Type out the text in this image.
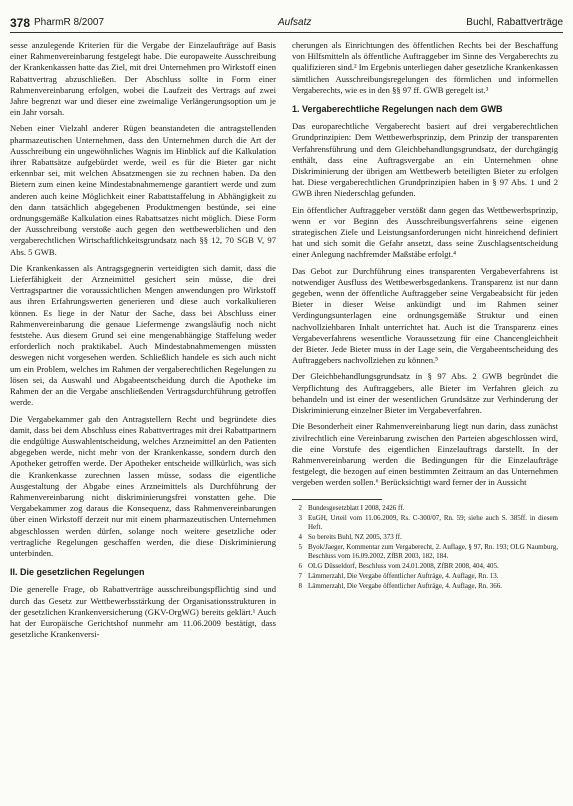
378 PharmR 8/2007	Aufsatz	Buchl, Rabattverträge

sesse anzulegende Kriterien für die Vergabe der Einzelaufträge auf Basis einer Rahmenvereinbarung festgelegt habe. Die europaweite Ausschreibung der Krankenkassen hatte das Ziel, mit drei Unternehmen pro Wirkstoff einen Rabattvertrag abzuschließen. Der Abschluss sollte in Form einer Rahmenvereinbarung erfolgen, wobei die Laufzeit des Vertrags auf zwei Jahre begrenzt war und dieser eine zweimalige Verlängerungsoption um je ein Jahr vorsah.

Neben einer Vielzahl anderer Rügen beanstandeten die antragstellenden pharmazeutischen Unternehmen, dass den Unternehmen durch die Art der Ausschreibung ein ungewöhnliches Wagnis im Hinblick auf die Kalkulation ihrer Rabattsätze aufgebürdet werde, weil es für die Bieter gar nicht erkennbar sei, mit welchen Absatzmengen sie zu rechnen haben. Da den Bietern zum einen keine Mindestabnahmemenge garantiert werde und zum anderen auch keine Möglichkeit einer Rabattstaffelung in Abhängigkeit zu den dann tatsächlich abgegebenen Produktmengen bestünde, sei eine ordnungsgemäße Kalkulation eines Rabattsatzes nicht möglich. Diese Form der Ausschreibung verstoße auch gegen den wettbewerblichen und den vergaberechtlichen Wirtschaftlichkeitsgrundsatz nach §§ 12, 70 SGB V, 97 Abs. 5 GWB.

Die Krankenkassen als Antragsgegnerin verteidigten sich damit, dass die Lieferfähigkeit der Arzneimittel gesichert sein müsse, die drei Vertragspartner die voraussichtlichen Mengen anwendungen pro Wirkstoff aus ihren Erfahrungswerten generieren und diese auch vorkalkulieren können. Es liege in der Natur der Sache, dass bei Abschluss einer Rahmenvereinbarung die genaue Liefermenge zwangsläufig noch nicht feststehe. Aus diesem Grund sei eine mengenabhängige Staffelung weder erforderlich noch praktikabel. Auch Mindestabnahmemengen müssten deswegen nicht vorgesehen werden. Schließlich handele es sich auch nicht um ein Problem, welches im Rahmen der vergaberechtlichen Regelungen zu lösen sei, da Auswahl und Abgabeentscheidung durch die Apotheke im Rahmen der an die Vergabe anschließenden Vertragsdurchführung getroffen werde.

Die Vergabekammer gab den Antragstellern Recht und begründete dies damit, dass bei dem Abschluss eines Rabattvertrages mit drei Rabattpartnern die endgültige Auswahlentscheidung, welches Arzneimittel an den Patienten abgegeben werde, nicht mehr von der Krankenkasse, sondern durch den Apotheker getroffen werde. Der Apotheker entscheide willkürlich, was sich die Krankenkasse zurechnen lassen müsse, sodass die eigentliche Ausgestaltung der Abgabe eines Arzneimittels als Durchführung der Rahmenvereinbarung nicht diskriminierungsfrei vonstatten gehe. Die Vergabekammer zog daraus die Konsequenz, dass Rahmenvereinbarungen über einen Wirkstoff derzeit nur mit einem pharmazeutischen Unternehmen abgeschlossen werden dürfen, solange noch weitere gesetzliche oder vertragliche Regelungen geschaffen werden, die diese Diskriminierung unterbinden.

II. Die gesetzlichen Regelungen

Die generelle Frage, ob Rabattverträge ausschreibungspflichtig sind und durch das Gesetz zur Wettbewerbsstärkung der Organisationsstrukturen in der gesetzlichen Krankenversicherung (GKV-OrgWG) bereits geklärt.¹ Auch hat der Europäische Gerichtshof nunmehr am 11.06.2009 bestätigt, dass gesetzliche Krankenversi-

cherungen als Einrichtungen des öffentlichen Rechts bei der Beschaffung von Hilfsmitteln als öffentliche Auftraggeber im Sinne des Vergaberechts zu qualifizieren sind.² Im Ergebnis unterliegen daher gesetzliche Krankenkassen sämtlichen Ausschreibungsregelungen des förmlichen und informellen Vergaberechts, wie es in den §§ 97 ff. GWB geregelt ist.³

1. Vergaberechtliche Regelungen nach dem GWB

Das europarechtliche Vergaberecht basiert auf drei vergaberechtlichen Grundprinzipien: Dem Wettbewerbsprinzip, dem Prinzip der transparenten Verfahrensführung und dem Gleichbehandlungsgrundsatz, der durchgängig enthält, dass eine Auftragsvergabe an ein Unternehmen ohne Diskriminierung der übrigen am Wettbewerb beteiligten Bieter zu erfolgen hat. Diese vergaberechtlichen Grundprinzipien haben in § 97 Abs. 1 und 2 GWB ihren Niederschlag gefunden.

Ein öffentlicher Auftraggeber verstößt dann gegen das Wettbewerbsprinzip, wenn er vor Beginn des Ausschreibungsverfahrens seine eigenen strategischen Ziele und Leistungsanforderungen nicht hinreichend definiert hat und sich somit die Gefahr ansetzt, dass seine Zuschlagsentscheidung einer Anlegung nachfremder Maßstäbe erfolgt.⁴

Das Gebot zur Durchführung eines transparenten Vergabeverfahrens ist notwendiger Ausfluss des Wettbewerbsgedankens. Transparenz ist nur dann gegeben, wenn der öffentliche Auftraggeber seine Vergabeabsicht für jeden Bieter in dieser Weise ankündigt und im Rahmen seiner Verdingungsunterlagen eine ordnungsgemäße Struktur und einen nachvollziehbaren Inhalt unterrichtet hat. Auch ist die Transparenz eines Vergabeverfahrens wesentliche Voraussetzung für eine Chancengleichheit der Bieter. Jede Bieter muss in der Lage sein, die Vergabeentscheidung des Auftraggebers nachvollziehen zu können.⁵

Der Gleichbehandlungsgrundsatz in § 97 Abs. 2 GWB begründet die Verpflichtung des Auftraggebers, alle Bieter im Verfahren gleich zu behandeln und ist einer der wesentlichen Grundsätze zur Verhinderung der Diskriminierung einzelner Bieter im Vergabeverfahren.

Die Besonderheit einer Rahmenvereinbarung liegt nun darin, dass zunächst zivilrechtlich eine Vereinbarung zwischen den Parteien abgeschlossen wird, die eine Vorstufe des eigentlichen Einzelauftrags darstellt. In der Rahmenvereinbarung werden die Bedingungen für die Einzelaufträge festgelegt, die bezogen auf einen bestimmten Zeitraum an das Unternehmen vergeben werden sollen.⁶ Berücksichtigt ward ferner der in Aussicht

2 Bundesgesetzblatt I 2008, 2426 ff.
3 EuGH, Urteil vom 11.06.2009, Rs. C-300/07, Rn. 59; siehe auch S. 385ff. in diesem Heft.
4 So bereits Buhl, NZ 2005, 373 ff.
5 Byok/Jaeger, Kommentar zum Vergaberecht, 2. Auflage, § 97, Rn. 193; OLG Naumburg, Beschluss vom 16.09.2002, ZfBR 2003, 182, 184.
6 OLG Düsseldorf, Beschluss vom 24.01.2008, ZfBR 2008, 404, 405.
7 Lämmerzahl, Die Vergabe öffentlicher Aufträge, 4. Auflage, Rn. 13.
8 Lämmerzahl, Die Vergabe öffentlicher Aufträge, 4. Auflage, Rn. 366.
